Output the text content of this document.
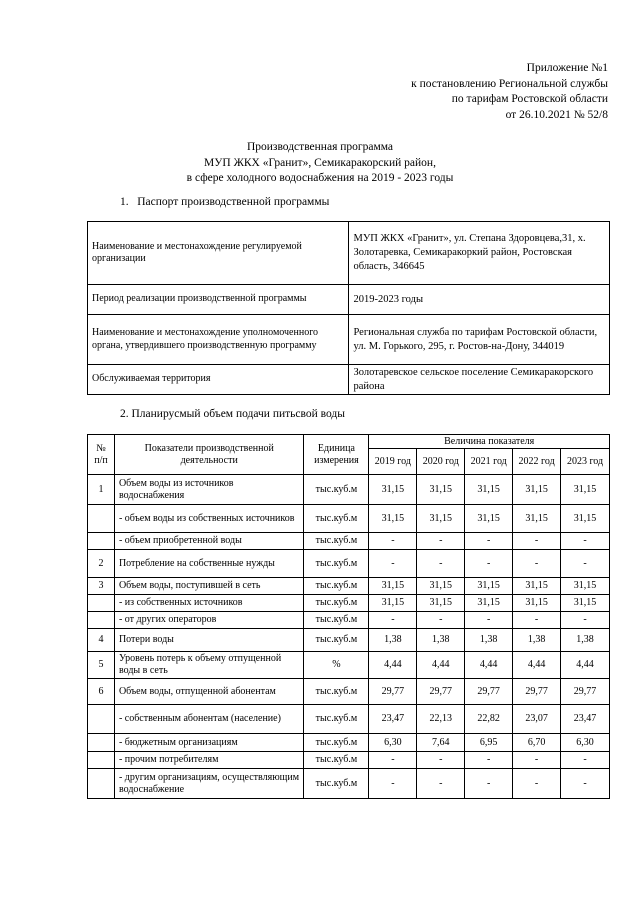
Приложение №1
к постановлению Региональной службы
по тарифам Ростовской области
от 26.10.2021 № 52/8
Производственная программа
МУП ЖКХ «Гранит», Семикаракорский район,
в сфере холодного водоснабжения на 2019 - 2023 годы
1.   Паспорт производственной программы
Наименование и местонахождение регулируемой организации	МУП ЖКХ «Гранит», ул. Степана Здоровцева,31, х. Золотаревка, Семикаракоркий район, Ростовская область, 346645
Период реализации производственной программы	2019-2023 годы
Наименование и местонахождение уполномоченного органа, утвердившего производственную программу	Региональная служба по тарифам Ростовской области, ул. М. Горького, 295, г. Ростов-на-Дону, 344019
Обслуживаемая территория	Золотаревское сельское поселение Семикаракорского района
2. Планирусмый объем подачи питьсвой воды
№ п/п	Показатели производственной деятельности	Единица измерения	Величина показателя				
			2019 год	2020 год	2021 год	2022 год	2023 год
1	Объем воды из источников водоснабжения	тыс.куб.м	31,15	31,15	31,15	31,15	31,15
	- объем воды из собственных источников	тыс.куб.м	31,15	31,15	31,15	31,15	31,15
	- объем приобретенной воды	тыс.куб.м	-	-	-	-	-
2	Потребление на собственные нужды	тыс.куб.м	-	-	-	-	-
3	Объем воды, поступившей в сеть	тыс.куб.м	31,15	31,15	31,15	31,15	31,15
	- из собственных источников	тыс.куб.м	31,15	31,15	31,15	31,15	31,15
	- от других операторов	тыс.куб.м	-	-	-	-	-
4	Потери воды	тыс.куб.м	1,38	1,38	1,38	1,38	1,38
5	Уровень потерь к объему отпущенной воды в сеть	%	4,44	4,44	4,44	4,44	4,44
6	Объем воды, отпущенной абонентам	тыс.куб.м	29,77	29,77	29,77	29,77	29,77
	- собственным абонентам (население)	тыс.куб.м	23,47	22,13	22,82	23,07	23,47
	- бюджетным организациям	тыс.куб.м	6,30	7,64	6,95	6,70	6,30
	- прочим потребителям	тыс.куб.м	-	-	-	-	-
	- другим организациям, осуществляющим водоснабжение	тыс.куб.м	-	-	-	-	-
